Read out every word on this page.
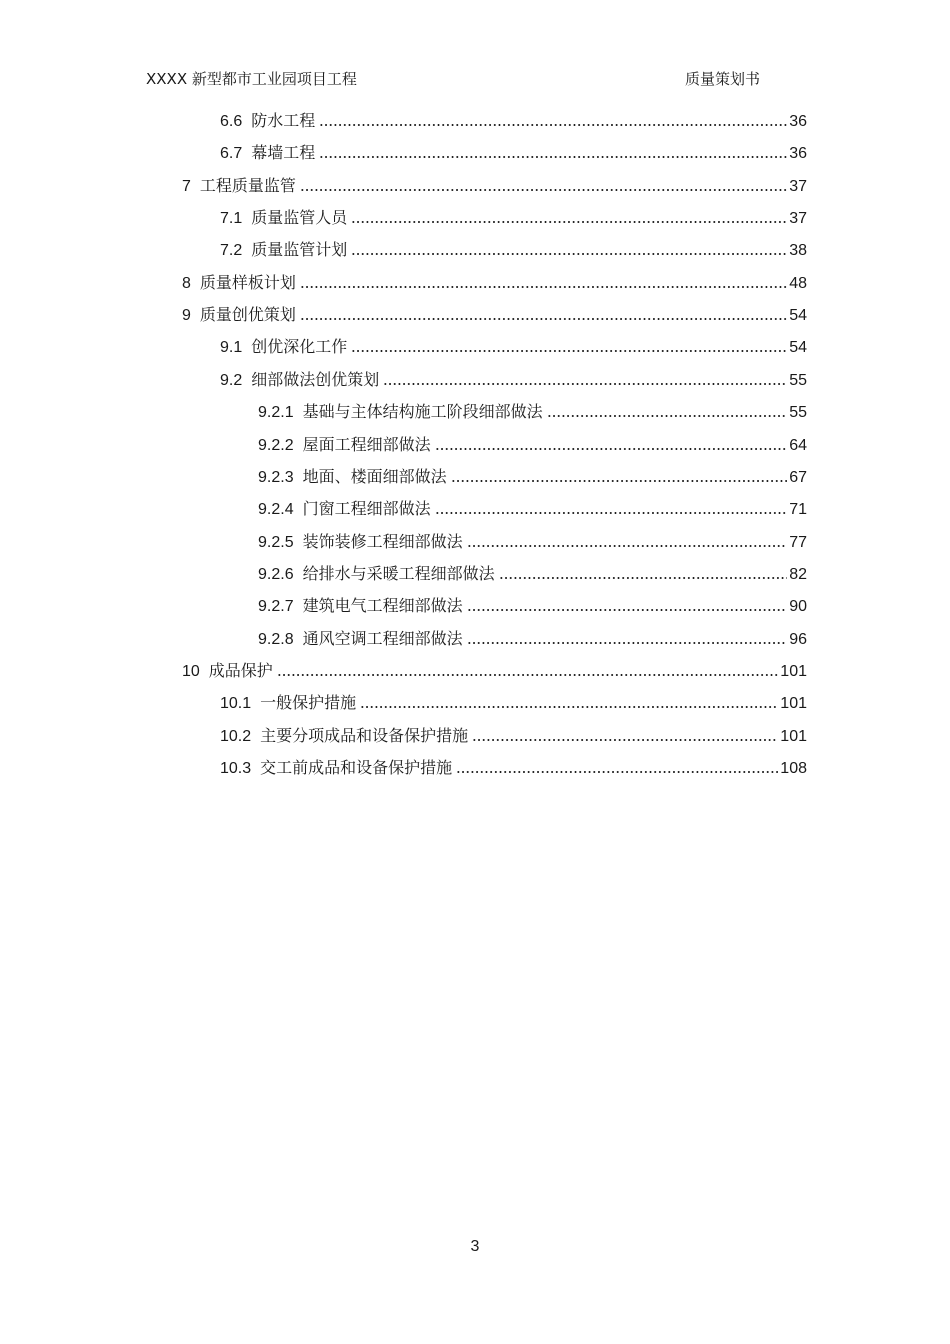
XXXX 新型都市工业园项目工程	质量策划书
6.6 防水工程	36
6.7 幕墙工程	36
7 工程质量监管	37
7.1 质量监管人员	37
7.2 质量监管计划	38
8 质量样板计划	48
9 质量创优策划	54
9.1 创优深化工作	54
9.2 细部做法创优策划	55
9.2.1 基础与主体结构施工阶段细部做法	55
9.2.2 屋面工程细部做法	64
9.2.3 地面、楼面细部做法	67
9.2.4 门窗工程细部做法	71
9.2.5 装饰装修工程细部做法	77
9.2.6 给排水与采暖工程细部做法	82
9.2.7 建筑电气工程细部做法	90
9.2.8 通风空调工程细部做法	96
10 成品保护	101
10.1 一般保护措施	101
10.2 主要分项成品和设备保护措施	101
10.3 交工前成品和设备保护措施	108
3
